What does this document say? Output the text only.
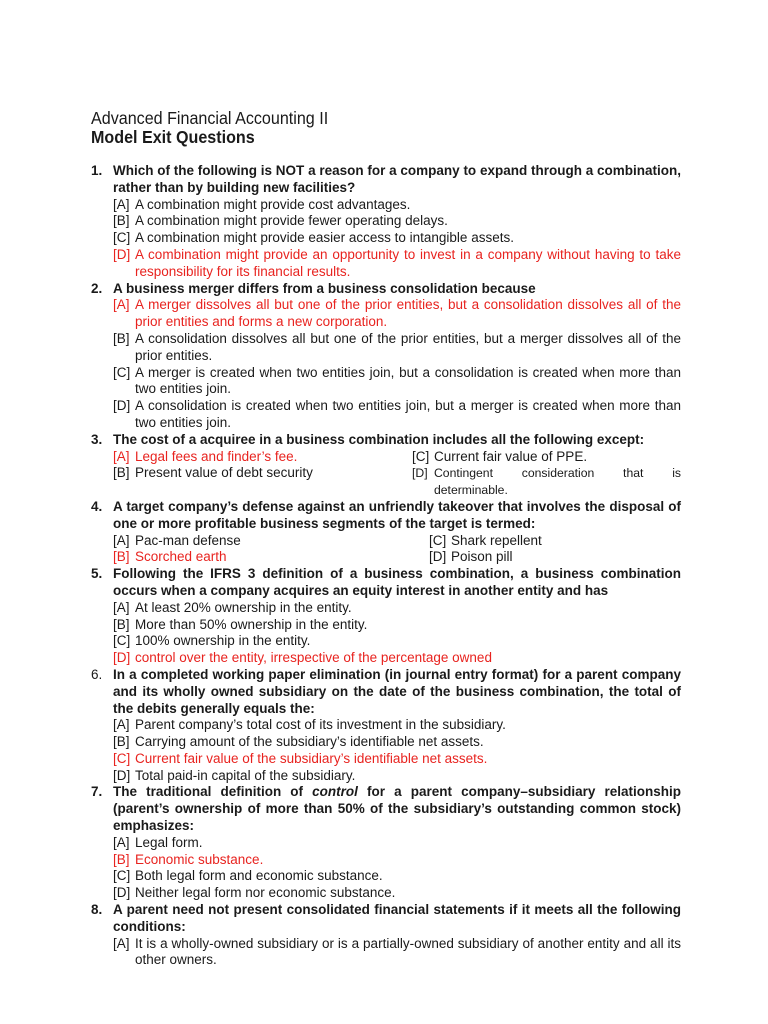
Advanced Financial Accounting II
Model Exit Questions
1. Which of the following is NOT a reason for a company to expand through a combination, rather than by building new facilities?
[A] A combination might provide cost advantages.
[B] A combination might provide fewer operating delays.
[C] A combination might provide easier access to intangible assets.
[D] A combination might provide an opportunity to invest in a company without having to take responsibility for its financial results.
2. A business merger differs from a business consolidation because
[A] A merger dissolves all but one of the prior entities, but a consolidation dissolves all of the prior entities and forms a new corporation.
[B] A consolidation dissolves all but one of the prior entities, but a merger dissolves all of the prior entities.
[C] A merger is created when two entities join, but a consolidation is created when more than two entities join.
[D] A consolidation is created when two entities join, but a merger is created when more than two entities join.
3. The cost of a acquiree in a business combination includes all the following except:
[A] Legal fees and finder’s fee.	[C] Current fair value of PPE.
[B] Present value of debt security	[D] Contingent consideration that is determinable.
4. A target company’s defense against an unfriendly takeover that involves the disposal of one or more profitable business segments of the target is termed:
[A] Pac-man defense	[C] Shark repellent
[B] Scorched earth	[D] Poison pill
5. Following the IFRS 3 definition of a business combination, a business combination occurs when a company acquires an equity interest in another entity and has
[A] At least 20% ownership in the entity.
[B] More than 50% ownership in the entity.
[C] 100% ownership in the entity.
[D] control over the entity, irrespective of the percentage owned
6. In a completed working paper elimination (in journal entry format) for a parent company and its wholly owned subsidiary on the date of the business combination, the total of the debits generally equals the:
[A] Parent company’s total cost of its investment in the subsidiary.
[B] Carrying amount of the subsidiary’s identifiable net assets.
[C] Current fair value of the subsidiary’s identifiable net assets.
[D] Total paid-in capital of the subsidiary.
7. The traditional definition of control for a parent company–subsidiary relationship (parent’s ownership of more than 50% of the subsidiary’s outstanding common stock) emphasizes:
[A] Legal form.
[B] Economic substance.
[C] Both legal form and economic substance.
[D] Neither legal form nor economic substance.
8. A parent need not present consolidated financial statements if it meets all the following conditions:
[A] It is a wholly-owned subsidiary or is a partially-owned subsidiary of another entity and all its other owners.
